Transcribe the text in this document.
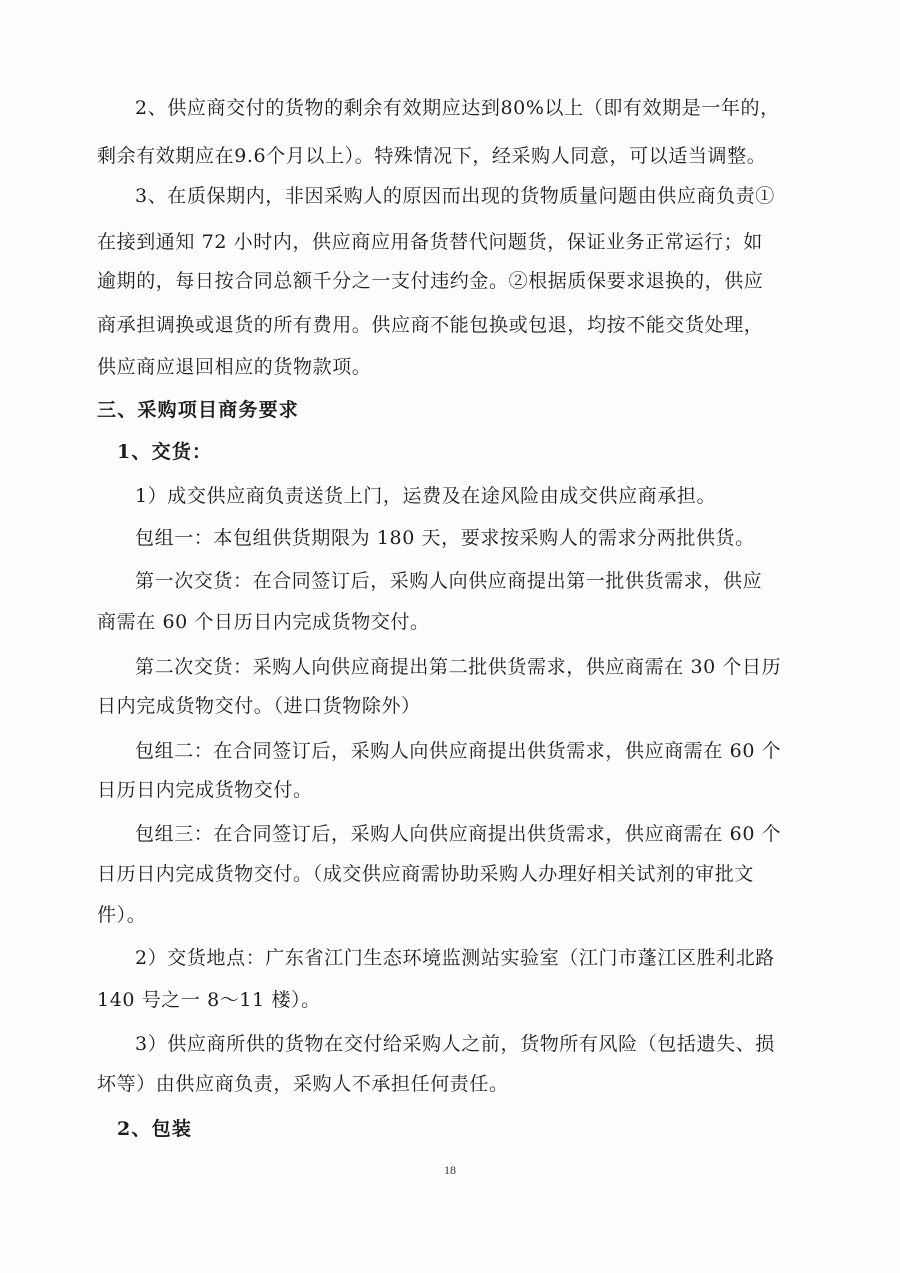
2、供应商交付的货物的剩余有效期应达到80%以上（即有效期是一年的，
剩余有效期应在9.6个月以上）。特殊情况下，经采购人同意，可以适当调整。
3、在质保期内，非因采购人的原因而出现的货物质量问题由供应商负责①
在接到通知 72 小时内，供应商应用备货替代问题货，保证业务正常运行；如
逾期的，每日按合同总额千分之一支付违约金。②根据质保要求退换的，供应
商承担调换或退货的所有费用。供应商不能包换或包退，均按不能交货处理，
供应商应退回相应的货物款项。
三、采购项目商务要求
1、交货：
1）成交供应商负责送货上门，运费及在途风险由成交供应商承担。
包组一：本包组供货期限为 180 天，要求按采购人的需求分两批供货。
第一次交货：在合同签订后，采购人向供应商提出第一批供货需求，供应
商需在 60 个日历日内完成货物交付。
第二次交货：采购人向供应商提出第二批供货需求，供应商需在 30 个日历
日内完成货物交付。（进口货物除外）
包组二：在合同签订后，采购人向供应商提出供货需求，供应商需在 60 个
日历日内完成货物交付。
包组三：在合同签订后，采购人向供应商提出供货需求，供应商需在 60 个
日历日内完成货物交付。（成交供应商需协助采购人办理好相关试剂的审批文
件）。
2）交货地点：广东省江门生态环境监测站实验室（江门市蓬江区胜利北路
140 号之一 8～11 楼）。
3）供应商所供的货物在交付给采购人之前，货物所有风险（包括遗失、损
坏等）由供应商负责，采购人不承担任何责任。
2、包装
18
